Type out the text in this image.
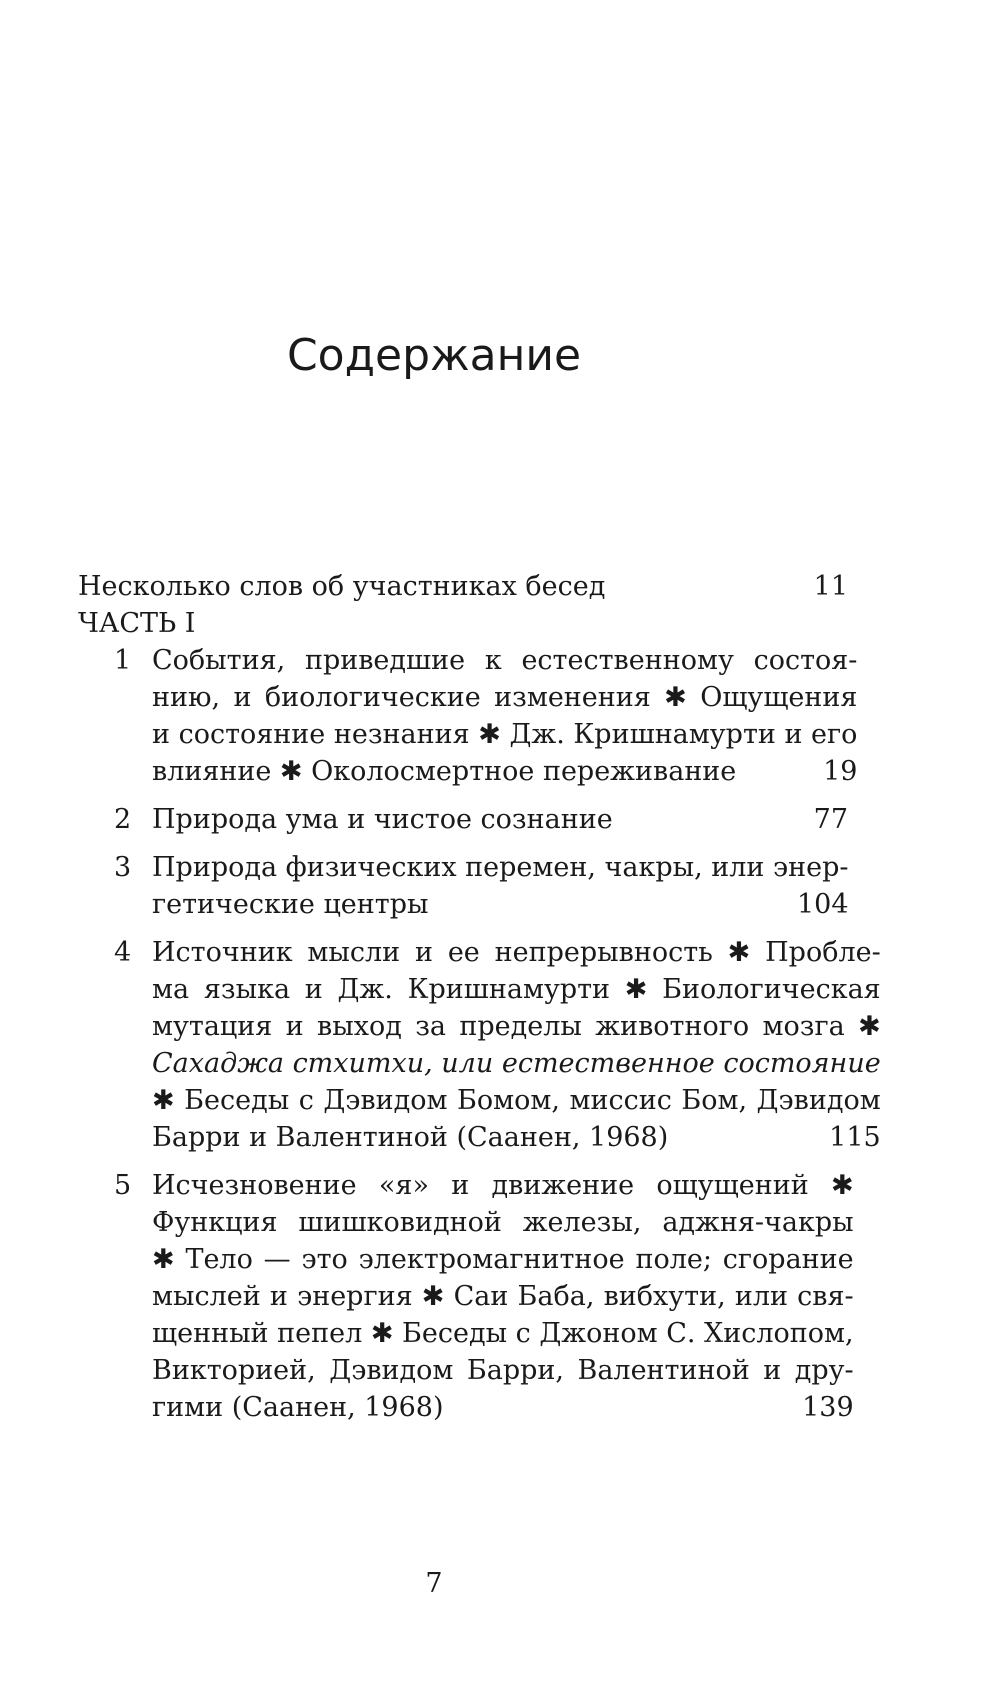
Содержание
Несколько слов об участниках бесед	11
ЧАСТЬ I
1 События, приведшие к естественному состоя-
нию, и биологические изменения ✱ Ощущения
и состояние незнания ✱ Дж. Кришнамурти и его
влияние ✱ Околосмертное переживание	19
2 Природа ума и чистое сознание	77
3 Природа физических перемен, чакры, или энер-
гетические центры	104
4 Источник мысли и ее непрерывность ✱ Пробле-
ма языка и Дж. Кришнамурти ✱ Биологическая
мутация и выход за пределы животного мозга ✱
Сахаджа стхитхи, или естественное состояние
✱ Беседы с Дэвидом Бомом, миссис Бом, Дэвидом
Барри и Валентиной (Саанен, 1968)	115
5 Исчезновение «я» и движение ощущений ✱
Функция шишковидной железы, аджня-чакры
✱ Тело — это электромагнитное поле; сгорание
мыслей и энергия ✱ Саи Баба, вибхути, или свя-
щенный пепел ✱ Беседы с Джоном С. Хислопом,
Викторией, Дэвидом Барри, Валентиной и дру-
гими (Саанен, 1968)	139
7
